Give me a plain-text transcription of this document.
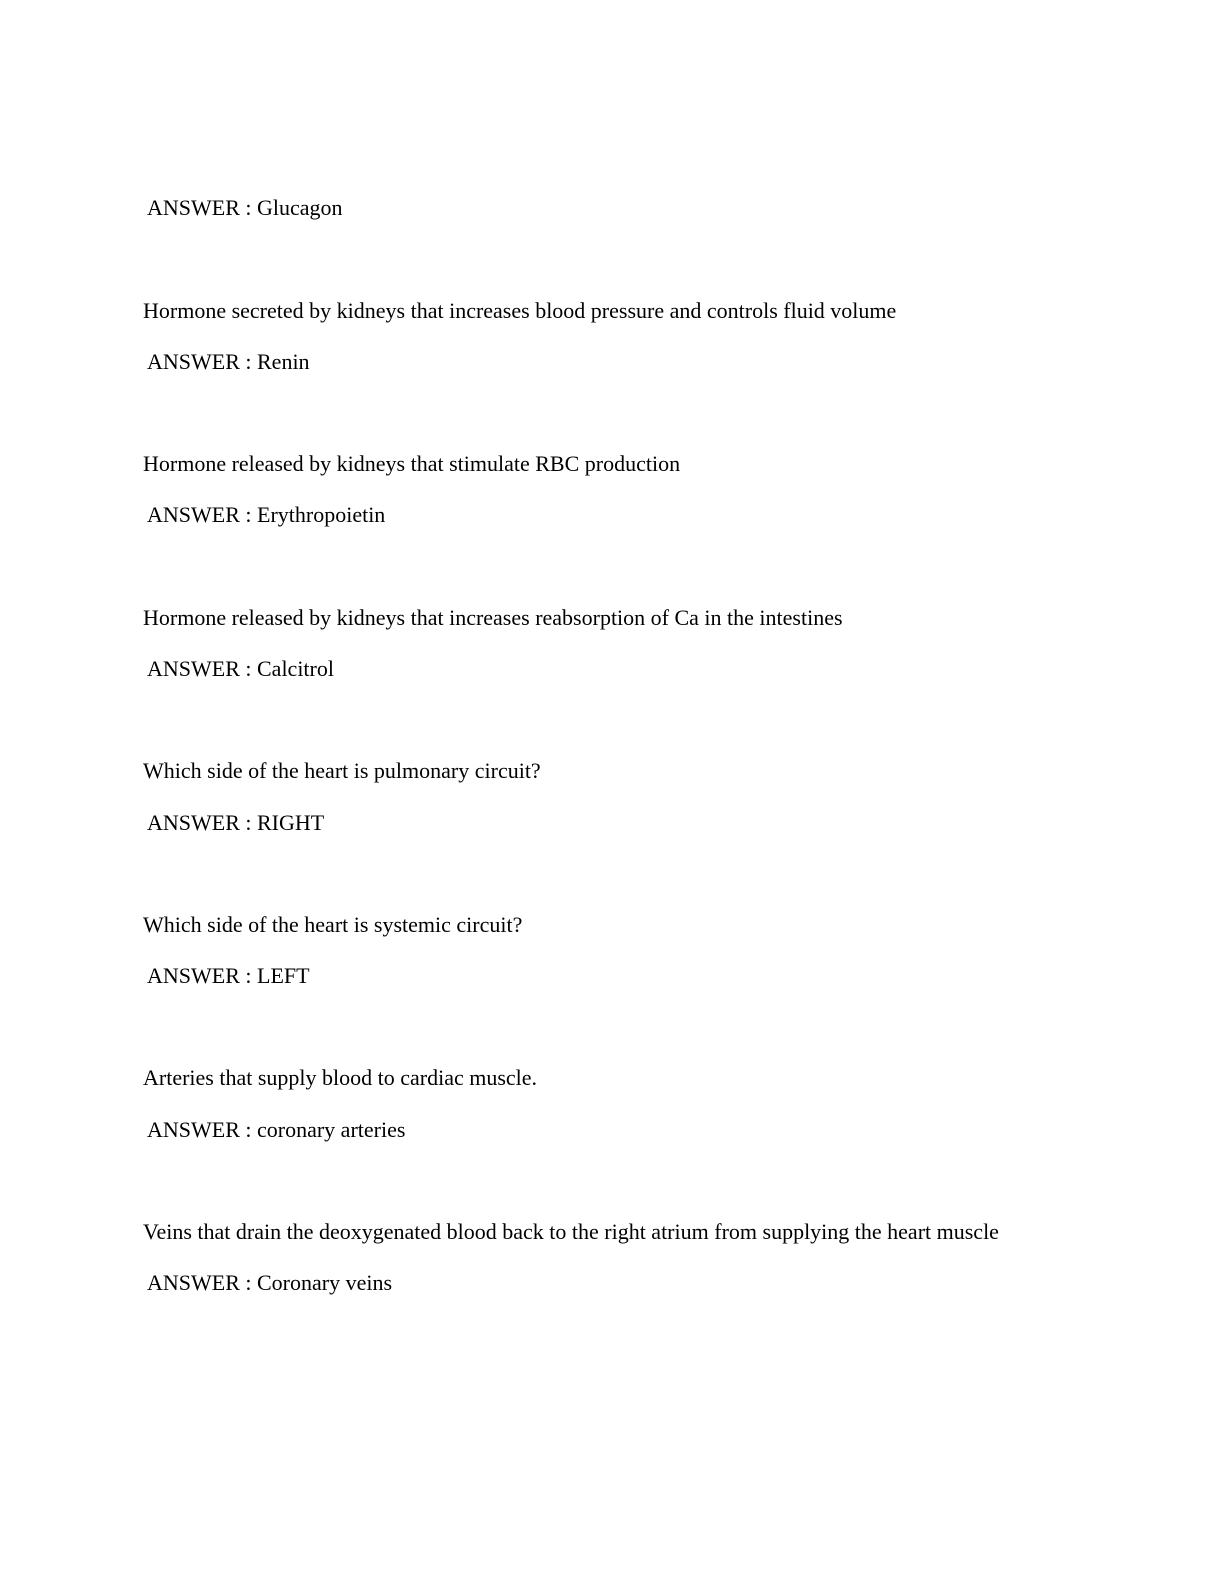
ANSWER : Glucagon
Hormone secreted by kidneys that increases blood pressure and controls fluid volume
ANSWER : Renin
Hormone released by kidneys that stimulate RBC production
ANSWER : Erythropoietin
Hormone released by kidneys that increases reabsorption of Ca in the intestines
ANSWER : Calcitrol
Which side of the heart is pulmonary circuit?
ANSWER : RIGHT
Which side of the heart is systemic circuit?
ANSWER : LEFT
Arteries that supply blood to cardiac muscle.
ANSWER : coronary arteries
Veins that drain the deoxygenated blood back to the right atrium from supplying the heart muscle
ANSWER : Coronary veins
